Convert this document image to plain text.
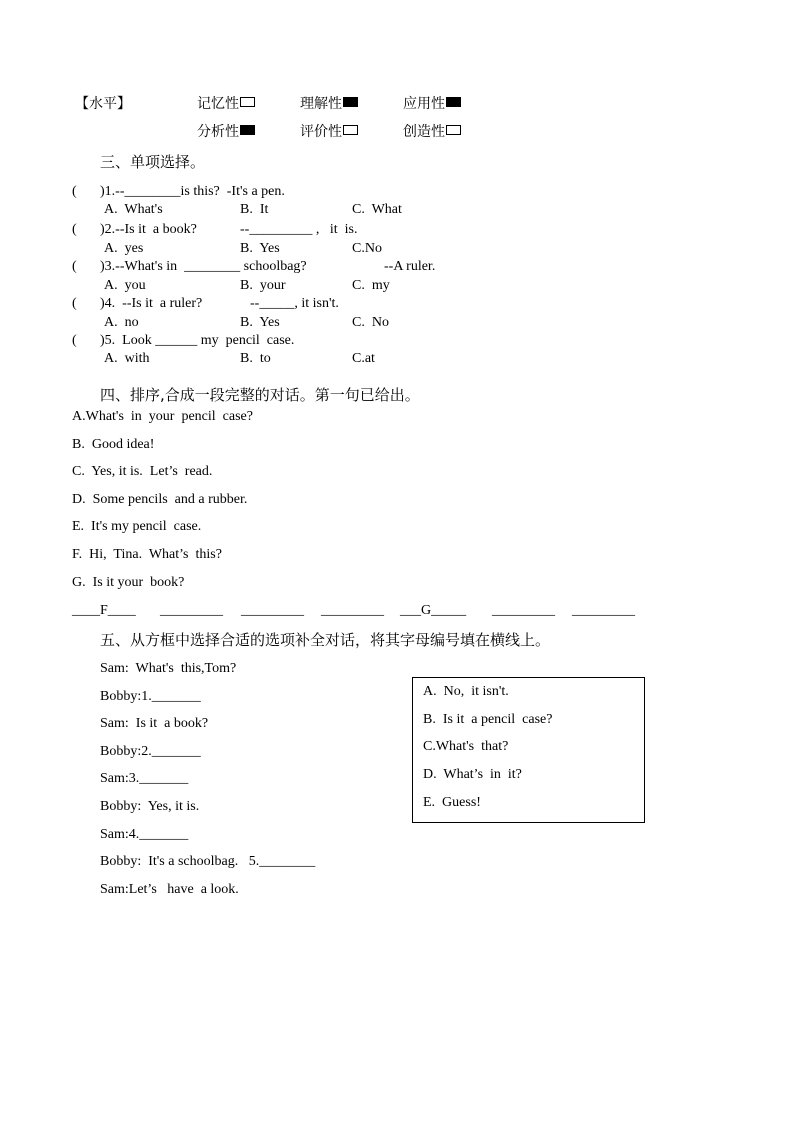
【水平】	记忆性	理解性	应用性
分析性	评价性	创造性
三、单项选择。
( )1.--________is this?  -It's a pen.
A.  What's	B.  It	C.  What
( )2.--Is it  a book?	--_________ ,   it  is.
A.  yes	B.  Yes	C.No
( )3.--What's in  ________ schoolbag?	--A ruler.
A.  you	B.  your	C.  my
( )4.  --Is it  a ruler?	--_____, it isn't.
A.  no	B.  Yes	C.  No
( )5.  Look ______ my  pencil  case.
A.  with	B.  to	C.at
四、排序,合成一段完整的对话。第一句已给出。
A.What's  in  your  pencil  case?
B.  Good idea!
C.  Yes, it is.  Let’s  read.
D.  Some pencils  and a rubber.
E.  It's my pencil  case.
F.  Hi,  Tina.  What’s  this?
G.  Is it your  book?
____F____ _________ _________ _________ ___G_____ _________ _________
五、从方框中选择合适的选项补全对话，将其字母编号填在横线上。
Sam:  What's  this,Tom?
Bobby:1._______
Sam:  Is it  a book?
Bobby:2._______
Sam:3._______
Bobby:  Yes, it is.
Sam:4._______
Bobby:  It's a schoolbag.   5.________
Sam:Let’s   have  a look.
A.  No,  it isn't.
B.  Is it  a pencil  case?
C.What's  that?
D.  What’s  in  it?
E.  Guess!
